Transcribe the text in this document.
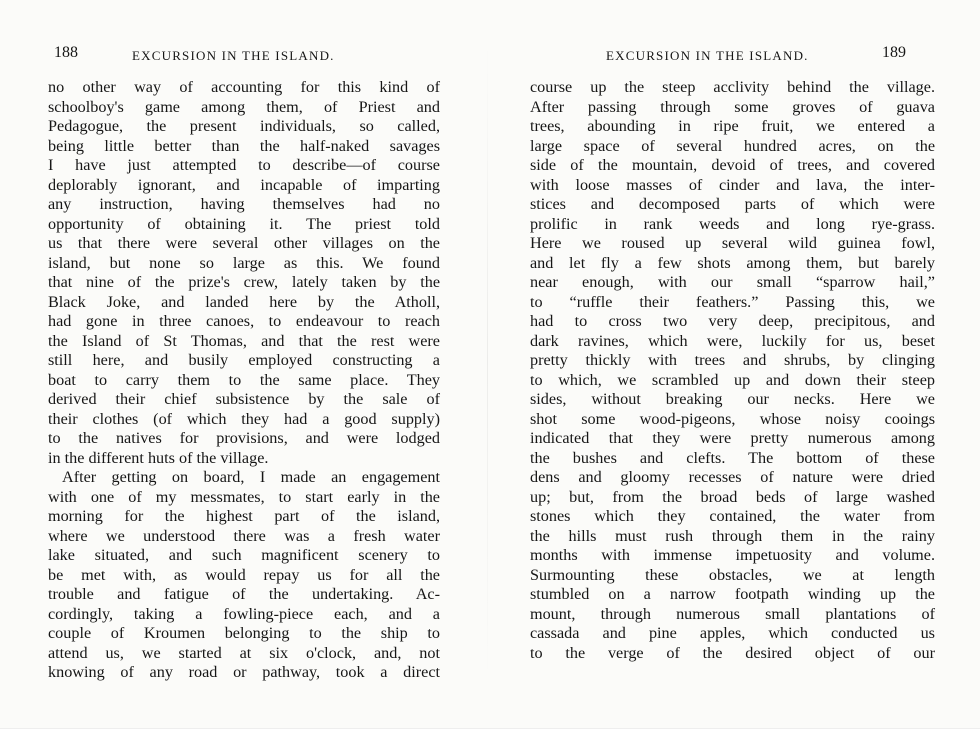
188	EXCURSION IN THE ISLAND.
no other way of accounting for this kind of
schoolboy's game among them, of Priest and
Pedagogue, the present individuals, so called,
being little better than the half-naked savages
I have just attempted to describe—of course
deplorably ignorant, and incapable of imparting
any instruction, having themselves had no
opportunity of obtaining it. The priest told
us that there were several other villages on the
island, but none so large as this. We found
that nine of the prize's crew, lately taken by the
Black Joke, and landed here by the Atholl,
had gone in three canoes, to endeavour to reach
the Island of St Thomas, and that the rest were
still here, and busily employed constructing a
boat to carry them to the same place. They
derived their chief subsistence by the sale of
their clothes (of which they had a good supply)
to the natives for provisions, and were lodged
in the different huts of the village.
After getting on board, I made an engagement
with one of my messmates, to start early in the
morning for the highest part of the island,
where we understood there was a fresh water
lake situated, and such magnificent scenery to
be met with, as would repay us for all the
trouble and fatigue of the undertaking. Ac-
cordingly, taking a fowling-piece each, and a
couple of Kroumen belonging to the ship to
attend us, we started at six o'clock, and, not
knowing of any road or pathway, took a direct
EXCURSION IN THE ISLAND.	189
course up the steep acclivity behind the village.
After passing through some groves of guava
trees, abounding in ripe fruit, we entered a
large space of several hundred acres, on the
side of the mountain, devoid of trees, and covered
with loose masses of cinder and lava, the inter-
stices and decomposed parts of which were
prolific in rank weeds and long rye-grass.
Here we roused up several wild guinea fowl,
and let fly a few shots among them, but barely
near enough, with our small “sparrow hail,”
to “ruffle their feathers.” Passing this, we
had to cross two very deep, precipitous, and
dark ravines, which were, luckily for us, beset
pretty thickly with trees and shrubs, by clinging
to which, we scrambled up and down their steep
sides, without breaking our necks. Here we
shot some wood-pigeons, whose noisy cooings
indicated that they were pretty numerous among
the bushes and clefts. The bottom of these
dens and gloomy recesses of nature were dried
up; but, from the broad beds of large washed
stones which they contained, the water from
the hills must rush through them in the rainy
months with immense impetuosity and volume.
Surmounting these obstacles, we at length
stumbled on a narrow footpath winding up the
mount, through numerous small plantations of
cassada and pine apples, which conducted us
to the verge of the desired object of our
